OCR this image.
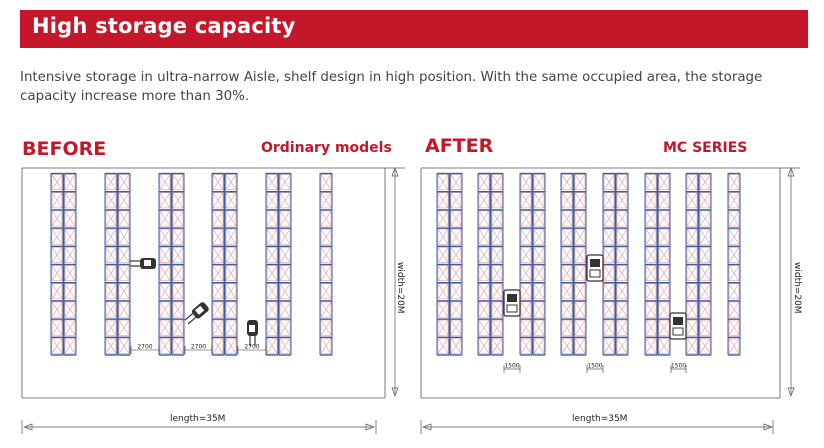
High storage capacity
Intensive storage in ultra-narrow Aisle, shelf design in high position. With the same occupied area, the storage capacity increase more than 30%.
BEFORE	Ordinary models AFTER	MC SERIES
2700	2700	2700
width=20M
length=35M
1500	1500	1500
width=20M
length=35M
